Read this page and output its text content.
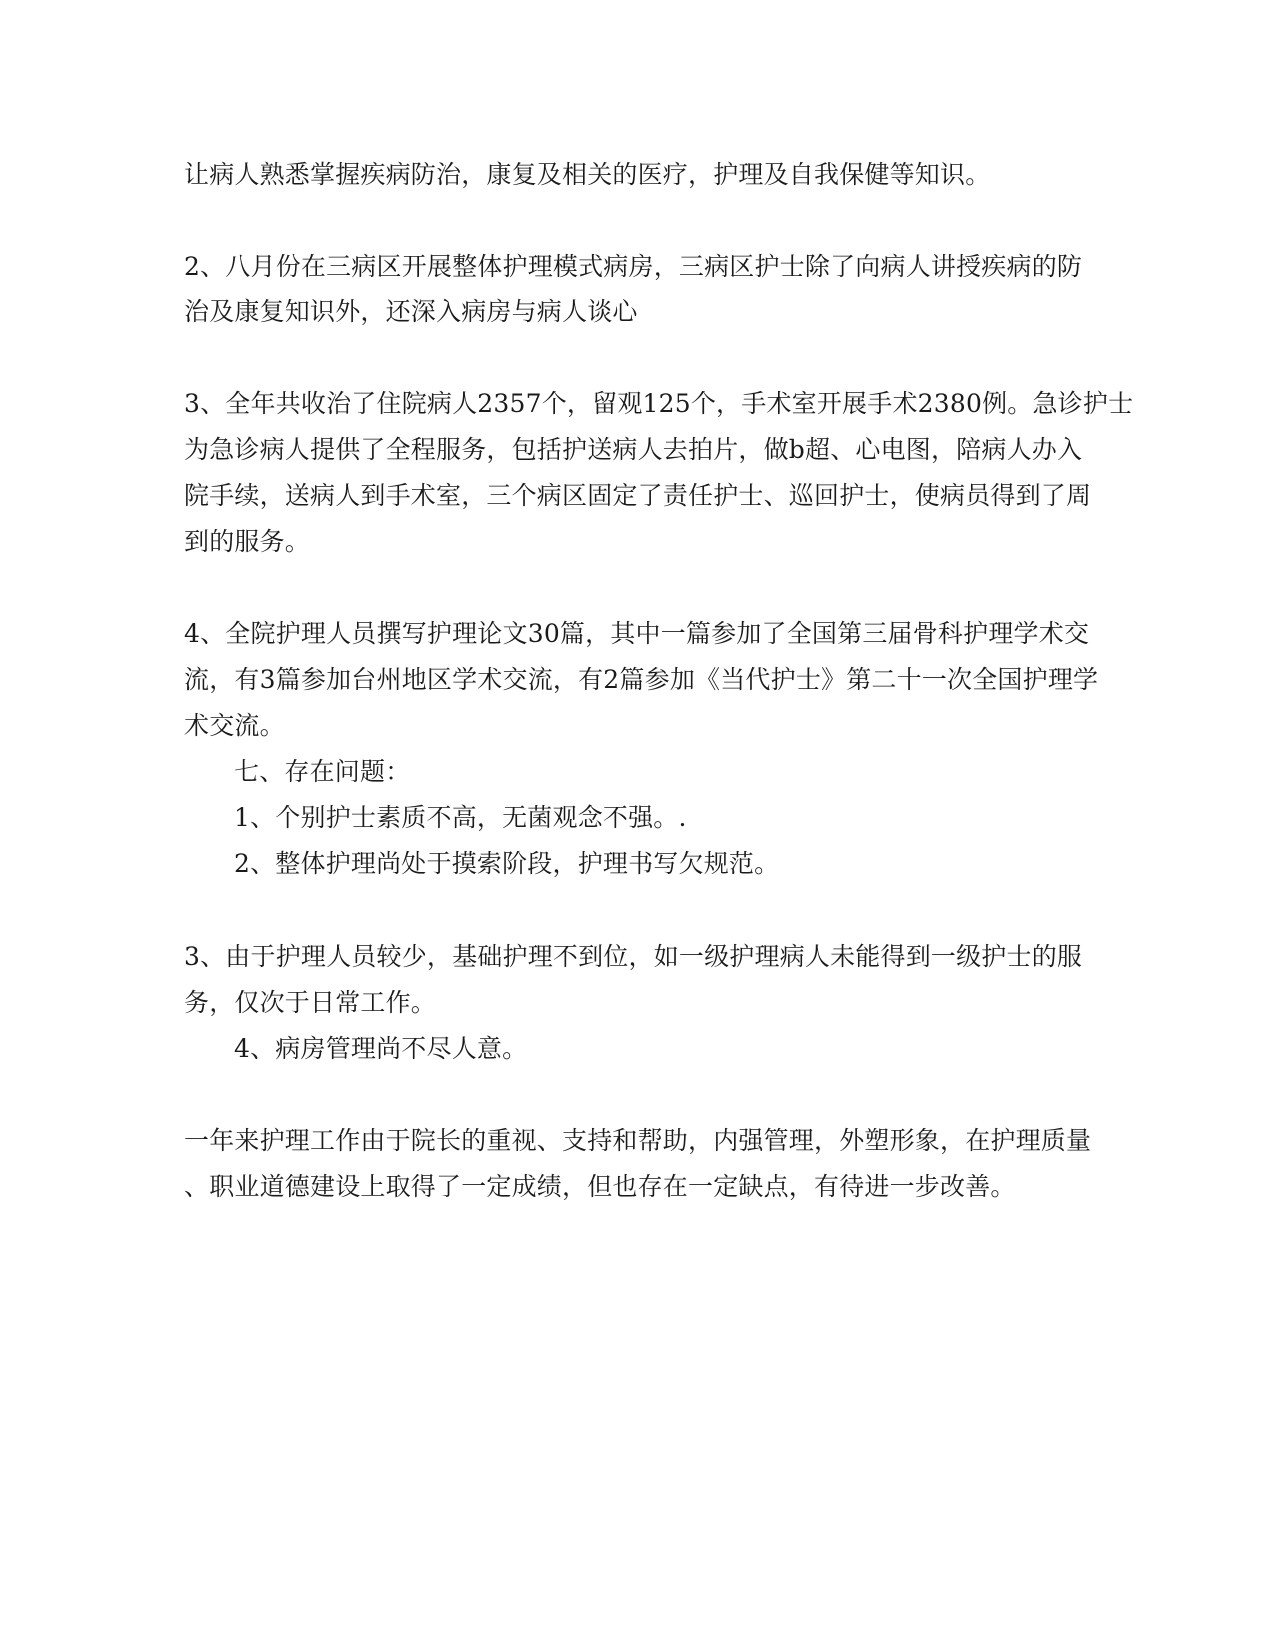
让病人熟悉掌握疾病防治，康复及相关的医疗，护理及自我保健等知识。
2、八月份在三病区开展整体护理模式病房，三病区护士除了向病人讲授疾病的防
治及康复知识外，还深入病房与病人谈心
3、全年共收治了住院病人2357个，留观125个，手术室开展手术2380例。急诊护士
为急诊病人提供了全程服务，包括护送病人去拍片，做b超、心电图，陪病人办入
院手续，送病人到手术室，三个病区固定了责任护士、巡回护士，使病员得到了周
到的服务。
4、全院护理人员撰写护理论文30篇，其中一篇参加了全国第三届骨科护理学术交
流，有3篇参加台州地区学术交流，有2篇参加《当代护士》第二十一次全国护理学
术交流。
七、存在问题：
1、个别护士素质不高，无菌观念不强。.
2、整体护理尚处于摸索阶段，护理书写欠规范。
3、由于护理人员较少，基础护理不到位，如一级护理病人未能得到一级护士的服
务，仅次于日常工作。
4、病房管理尚不尽人意。
一年来护理工作由于院长的重视、支持和帮助，内强管理，外塑形象，在护理质量
、职业道德建设上取得了一定成绩，但也存在一定缺点，有待进一步改善。
